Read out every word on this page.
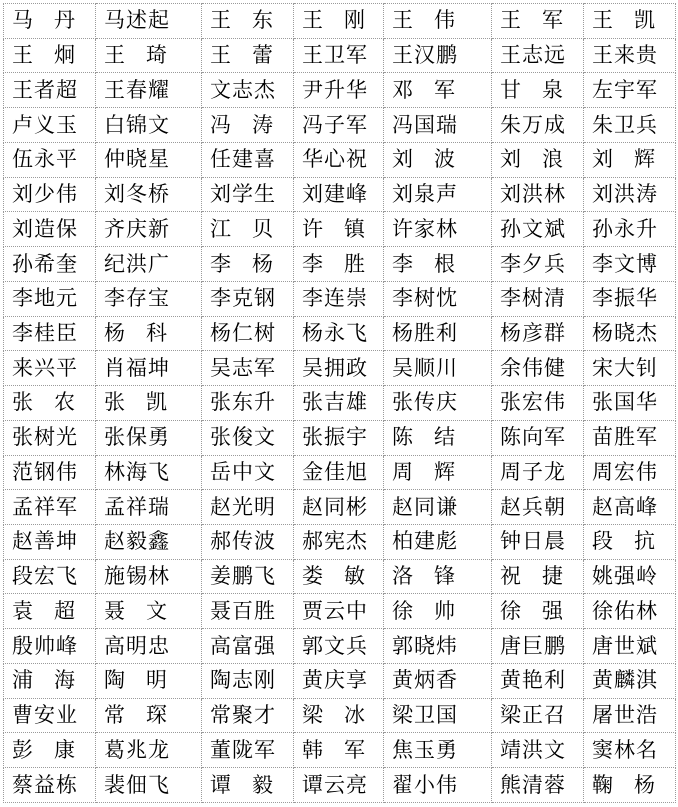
马　丹	马述起	王　东	王　刚	王　伟	王　军	王　凯
王　炯	王　琦	王　蕾	王卫军	王汉鹏	王志远	王来贵
王者超	王春耀	文志杰	尹升华	邓　军	甘　泉	左宇军
卢义玉	白锦文	冯　涛	冯子军	冯国瑞	朱万成	朱卫兵
伍永平	仲晓星	任建喜	华心祝	刘　波	刘　浪	刘　辉
刘少伟	刘冬桥	刘学生	刘建峰	刘泉声	刘洪林	刘洪涛
刘造保	齐庆新	江　贝	许　镇	许家林	孙文斌	孙永升
孙希奎	纪洪广	李　杨	李　胜	李　根	李夕兵	李文博
李地元	李存宝	李克钢	李连崇	李树忱	李树清	李振华
李桂臣	杨　科	杨仁树	杨永飞	杨胜利	杨彦群	杨晓杰
来兴平	肖福坤	吴志军	吴拥政	吴顺川	余伟健	宋大钊
张　农	张　凯	张东升	张吉雄	张传庆	张宏伟	张国华
张树光	张保勇	张俊文	张振宇	陈　结	陈向军	苗胜军
范钢伟	林海飞	岳中文	金佳旭	周　辉	周子龙	周宏伟
孟祥军	孟祥瑞	赵光明	赵同彬	赵同谦	赵兵朝	赵高峰
赵善坤	赵毅鑫	郝传波	郝宪杰	柏建彪	钟日晨	段　抗
段宏飞	施锡林	姜鹏飞	娄　敏	洛　锋	祝　捷	姚强岭
袁　超	聂　文	聂百胜	贾云中	徐　帅	徐　强	徐佑林
殷帅峰	高明忠	高富强	郭文兵	郭晓炜	唐巨鹏	唐世斌
浦　海	陶　明	陶志刚	黄庆享	黄炳香	黄艳利	黄麟淇
曹安业	常　琛	常聚才	梁　冰	梁卫国	梁正召	屠世浩
彭　康	葛兆龙	董陇军	韩　军	焦玉勇	靖洪文	窦林名
蔡益栋	裴佃飞	谭　毅	谭云亮	翟小伟	熊清蓉	鞠　杨
